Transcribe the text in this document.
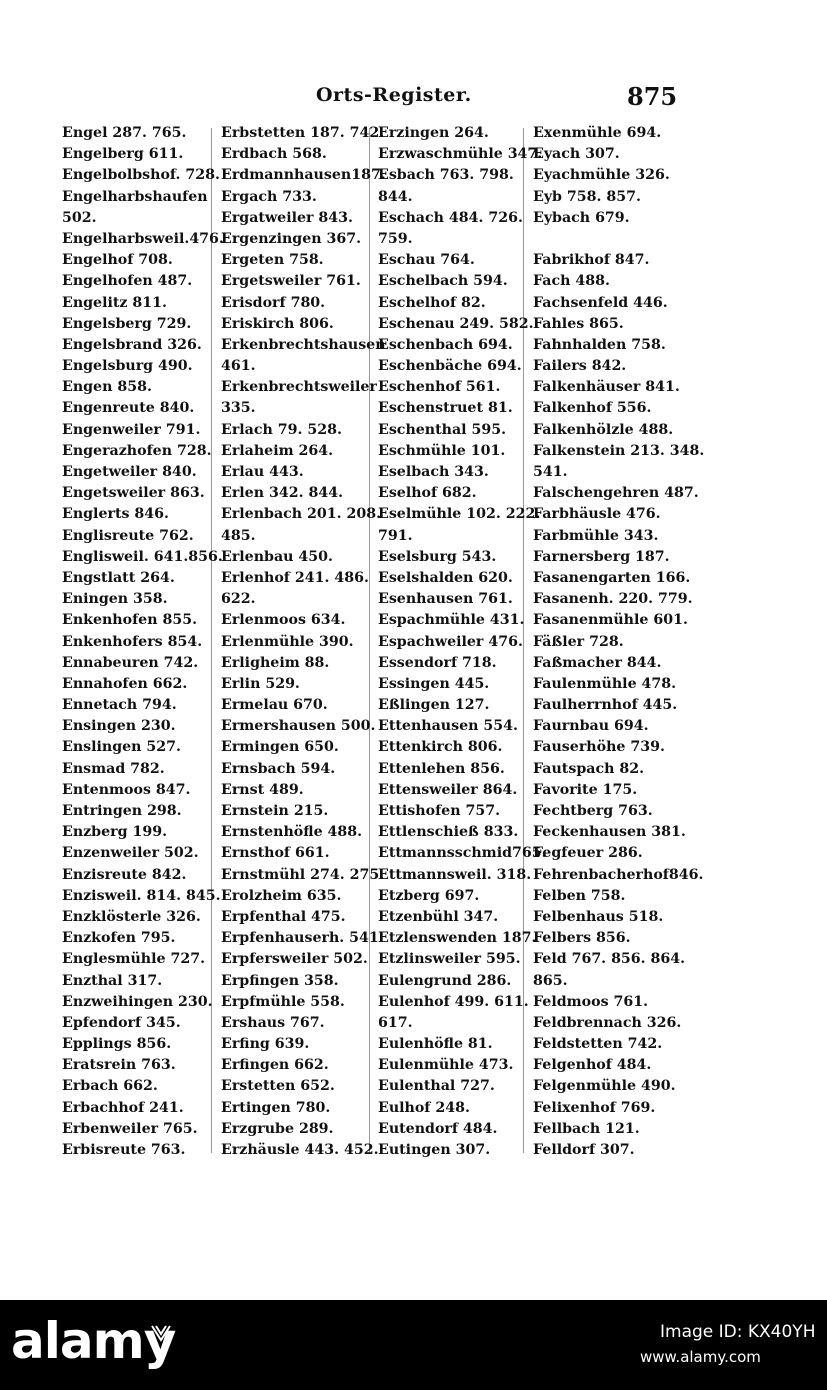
Orts-Register.	875
Engel 287. 765.
Engelberg 611.
Engelbolbshof. 728.
Engelharbshaufen
502.
Engelharbsweil.476.
Engelhof 708.
Engelhofen 487.
Engelitz 811.
Engelsberg 729.
Engelsbrand 326.
Engelsburg 490.
Engen 858.
Engenreute 840.
Engenweiler 791.
Engerazhofen 728.
Engetweiler 840.
Engetsweiler 863.
Englerts 846.
Englisreute 762.
Englisweil. 641.856.
Engstlatt 264.
Eningen 358.
Enkenhofen 855.
Enkenhofers 854.
Ennabeuren 742.
Ennahofen 662.
Ennetach 794.
Ensingen 230.
Enslingen 527.
Ensmad 782.
Entenmoos 847.
Entringen 298.
Enzberg 199.
Enzenweiler 502.
Enzisreute 842.
Enzisweil. 814. 845.
Enzklösterle 326.
Enzkofen 795.
Englesmühle 727.
Enzthal 317.
Enzweihingen 230.
Epfendorf 345.
Epplings 856.
Eratsrein 763.
Erbach 662.
Erbachhof 241.
Erbenweiler 765.
Erbisreute 763.
Erbstetten 187. 742.
Erdbach 568.
Erdmannhausen187.
Ergach 733.
Ergatweiler 843.
Ergenzingen 367.
Ergeten 758.
Ergetsweiler 761.
Erisdorf 780.
Eriskirch 806.
Erkenbrechtshausen
461.
Erkenbrechtsweiler
335.
Erlach 79. 528.
Erlaheim 264.
Erlau 443.
Erlen 342. 844.
Erlenbach 201. 208.
485.
Erlenbau 450.
Erlenhof 241. 486.
622.
Erlenmoos 634.
Erlenmühle 390.
Erligheim 88.
Erlin 529.
Ermelau 670.
Ermershausen 500.
Ermingen 650.
Ernsbach 594.
Ernst 489.
Ernstein 215.
Ernstenhöfle 488.
Ernsthof 661.
Ernstmühl 274. 275.
Erolzheim 635.
Erpfenthal 475.
Erpfenhauserh. 541.
Erpfersweiler 502.
Erpfingen 358.
Erpfmühle 558.
Ershaus 767.
Erfing 639.
Erfingen 662.
Erstetten 652.
Ertingen 780.
Erzgrube 289.
Erzhäusle 443. 452.
Erzingen 264.
Erzwaschmühle 347.
Esbach 763. 798.
844.
Eschach 484. 726.
759.
Eschau 764.
Eschelbach 594.
Eschelhof 82.
Eschenau 249. 582.
Eschenbach 694.
Eschenbäche 694.
Eschenhof 561.
Eschenstruet 81.
Eschenthal 595.
Eschmühle 101.
Eselbach 343.
Eselhof 682.
Eselmühle 102. 222.
791.
Eselsburg 543.
Eselshalden 620.
Esenhausen 761.
Espachmühle 431.
Espachweiler 476.
Essendorf 718.
Essingen 445.
Eßlingen 127.
Ettenhausen 554.
Ettenkirch 806.
Ettenlehen 856.
Ettensweiler 864.
Ettishofen 757.
Ettlenschieß 833.
Ettmannsschmid765.
Ettmannsweil. 318.
Etzberg 697.
Etzenbühl 347.
Etzlenswenden 187.
Etzlinsweiler 595.
Eulengrund 286.
Eulenhof 499. 611.
617.
Eulenhöfle 81.
Eulenmühle 473.
Eulenthal 727.
Eulhof 248.
Eutendorf 484.
Eutingen 307.
Exenmühle 694.
Eyach 307.
Eyachmühle 326.
Eyb 758. 857.
Eybach 679.
Fabrikhof 847.
Fach 488.
Fachsenfeld 446.
Fahles 865.
Fahnhalden 758.
Failers 842.
Falkenhäuser 841.
Falkenhof 556.
Falkenhölzle 488.
Falkenstein 213. 348.
541.
Falschengehren 487.
Farbhäusle 476.
Farbmühle 343.
Farnersberg 187.
Fasanengarten 166.
Fasanenh. 220. 779.
Fasanenmühle 601.
Fäßler 728.
Faßmacher 844.
Faulenmühle 478.
Faulherrnhof 445.
Faurnbau 694.
Fauserhöhe 739.
Fautspach 82.
Favorite 175.
Fechtberg 763.
Feckenhausen 381.
Fegfeuer 286.
Fehrenbacherhof846.
Felben 758.
Felbenhaus 518.
Felbers 856.
Feld 767. 856. 864.
865.
Feldmoos 761.
Feldbrennach 326.
Feldstetten 742.
Felgenhof 484.
Felgenmühle 490.
Felixenhof 769.
Fellbach 121.
Felldorf 307.
alamy	Image ID: KX40YH
www.alamy.com
